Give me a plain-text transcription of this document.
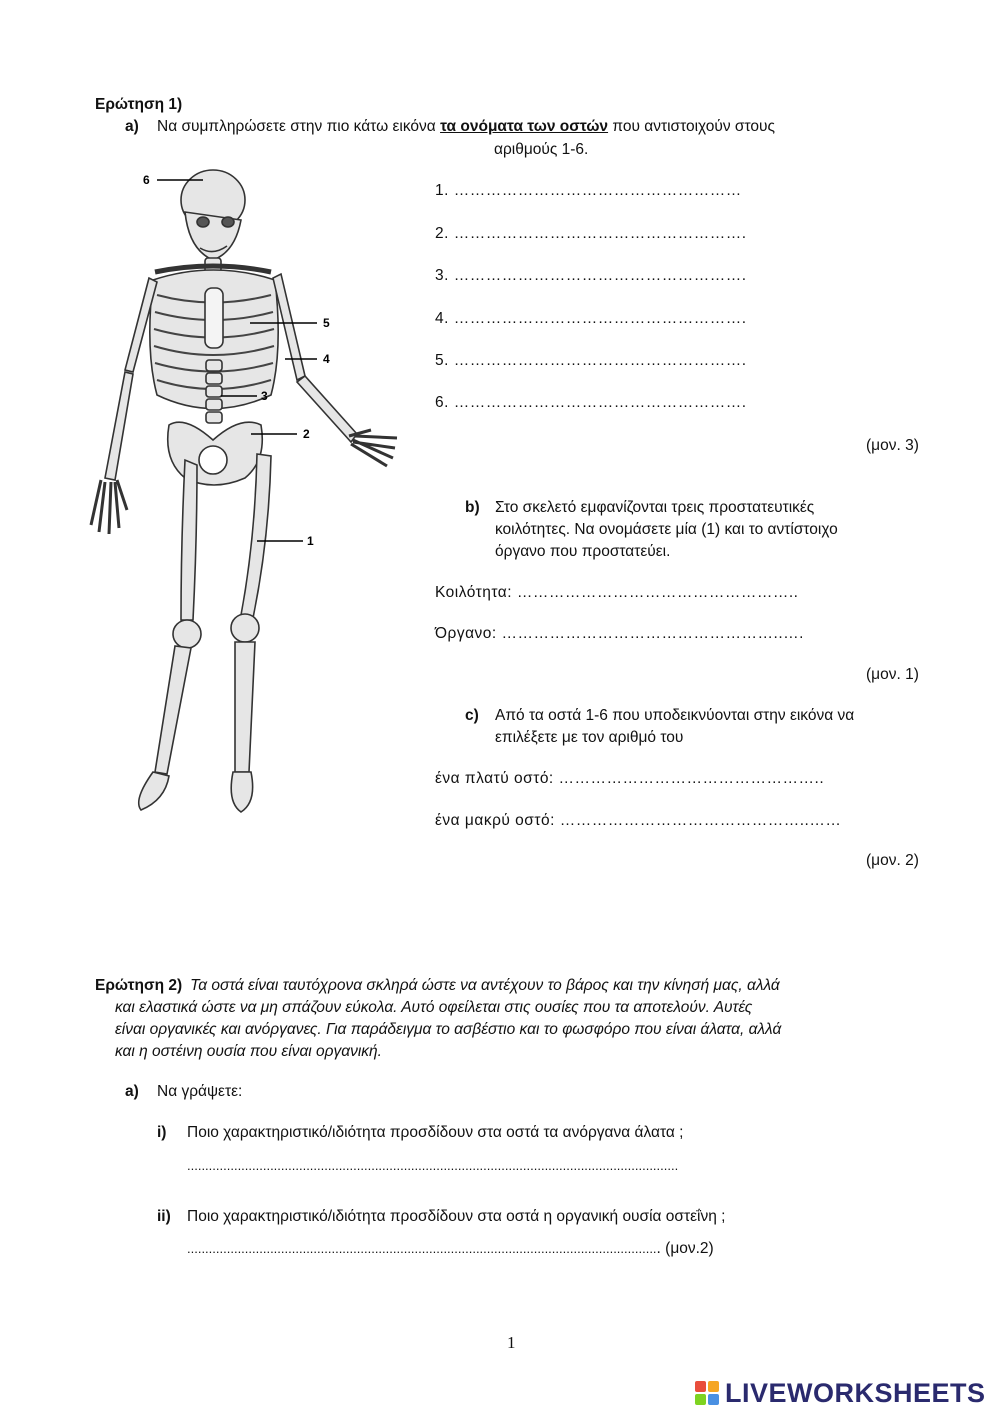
Ερώτηση 1)
a) Να συμπληρώσετε στην πιο κάτω εικόνα τα ονόματα των οστών που αντιστοιχούν στους
αριθμούς 1-6.
6
5
4
3
2
1
1. ………………………………………………
2. ……………………………………………….
3. ……………………………………………….
4. ……………………………………………….
5. ……………………………………………….
6. ……………………………………………….
(μον. 3)
b) Στο σκελετό εμφανίζονται τρεις προστατευτικές
κοιλότητες. Να ονομάσετε μία (1) και το αντίστοιχο
όργανο που προστατεύει.
Κοιλότητα: ……………………………………………..
Όργανο: ……………………………………………..….
(μον. 1)
c) Από τα οστά 1-6 που υποδεικνύονται στην εικόνα να
επιλέξετε με τον αριθμό του
ένα πλατύ οστό: …………………………………………..
ένα μακρύ οστό: ………………………………………..……
(μον. 2)
Ερώτηση 2) Τα οστά είναι ταυτόχρονα σκληρά ώστε να αντέχουν το βάρος και την κίνησή μας, αλλά
και ελαστικά ώστε να μη σπάζουν εύκολα. Αυτό οφείλεται στις ουσίες που τα αποτελούν. Αυτές
είναι οργανικές και ανόργανες. Για παράδειγμα το ασβέστιο και το φωσφόρο που είναι άλατα, αλλά
και η οστέινη ουσία που είναι οργανική.
a) Να γράψετε:
i) Ποιο χαρακτηριστικό/ιδιότητα προσδίδουν στα οστά τα ανόργανα άλατα ;
........................................................................................................................................
ii) Ποιο χαρακτηριστικό/ιδιότητα προσδίδουν στα οστά η οργανική ουσία οστεΐνη ;
................................................................................................................................... (μον.2)
1
LIVEWORKSHEETS
